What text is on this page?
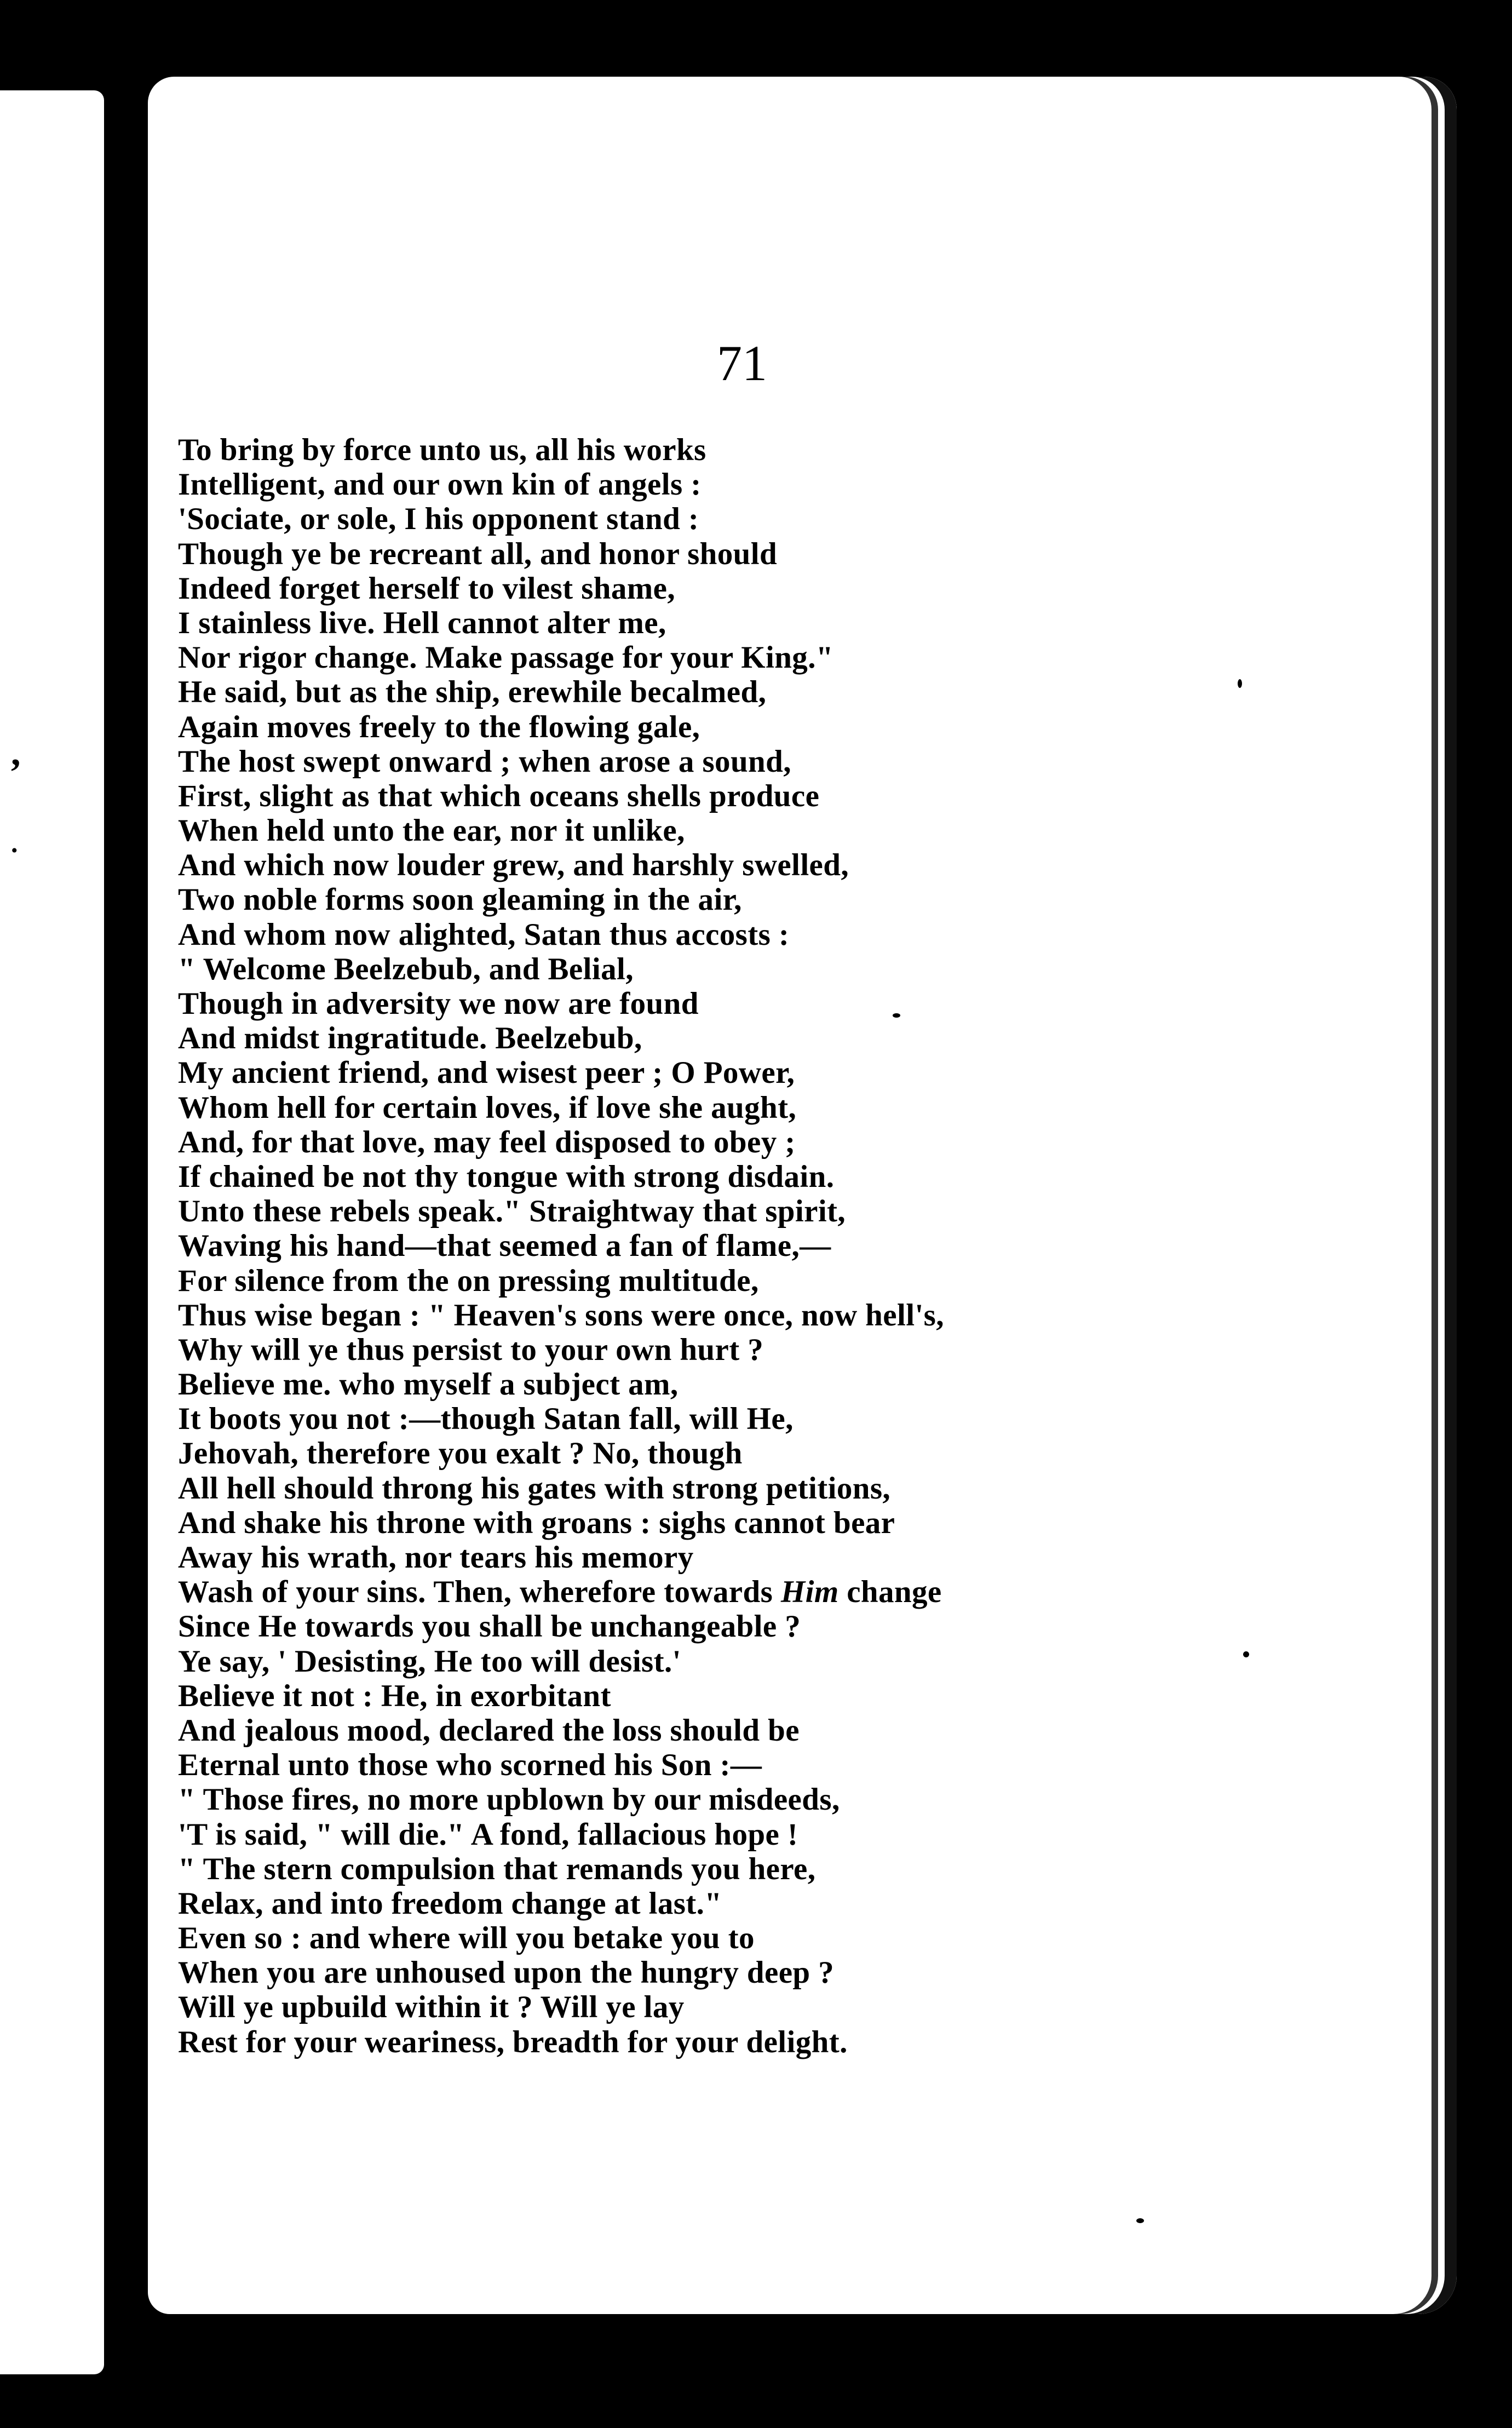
,
.

71

To bring by force unto us, all his works
Intelligent, and our own kin of angels :
'Sociate, or sole, I his opponent stand :
Though ye be recreant all, and honor should
Indeed forget herself to vilest shame,
I stainless live. Hell cannot alter me,
Nor rigor change. Make passage for your King."
He said, but as the ship, erewhile becalmed,
Again moves freely to the flowing gale,
The host swept onward ; when arose a sound,
First, slight as that which oceans shells produce
When held unto the ear, nor it unlike,
And which now louder grew, and harshly swelled,
Two noble forms soon gleaming in the air,
And whom now alighted, Satan thus accosts :
" Welcome Beelzebub, and Belial,
Though in adversity we now are found
And midst ingratitude. Beelzebub,
My ancient friend, and wisest peer ; O Power,
Whom hell for certain loves, if love she aught,
And, for that love, may feel disposed to obey ;
If chained be not thy tongue with strong disdain.
Unto these rebels speak." Straightway that spirit,
Waving his hand—that seemed a fan of flame,—
For silence from the on pressing multitude,
Thus wise began : " Heaven's sons were once, now hell's,
Why will ye thus persist to your own hurt ?
Believe me. who myself a subject am,
It boots you not :—though Satan fall, will He,
Jehovah, therefore you exalt ? No, though
All hell should throng his gates with strong petitions,
And shake his throne with groans : sighs cannot bear
Away his wrath, nor tears his memory
Wash of your sins. Then, wherefore towards Him change
Since He towards you shall be unchangeable ?
Ye say, ' Desisting, He too will desist.'
Believe it not : He, in exorbitant
And jealous mood, declared the loss should be
Eternal unto those who scorned his Son :—
" Those fires, no more upblown by our misdeeds,
'T is said, " will die." A fond, fallacious hope !
" The stern compulsion that remands you here,
Relax, and into freedom change at last."
Even so : and where will you betake you to
When you are unhoused upon the hungry deep ?
Will ye upbuild within it ? Will ye lay
Rest for your weariness, breadth for your delight.
